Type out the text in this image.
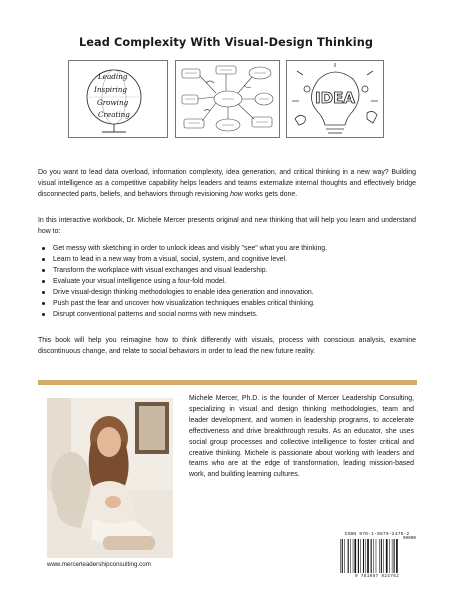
Lead Complexity With Visual-Design Thinking
Leading
Inspiring
Growing
Creating
IDEA

Do you want to lead data overload, information complexity, idea generation, and critical thinking in a new way? Building visual intelligence as a competitive capability helps leaders and teams externalize internal thoughts and effectively bridge disconnected parts, beliefs, and behaviors through revisioning how works gets done.

In this interactive workbook, Dr. Michele Mercer presents original and new thinking that will help you learn and understand how to:

Get messy with sketching in order to unlock ideas and visibly "see" what you are thinking.
Learn to lead in a new way from a visual, social, system, and cognitive level.
Transform the workplace with visual exchanges and visual leadership.
Evaluate your visual intelligence using a four-fold model.
Drive visual-design thinking methodologies to enable idea generation and innovation.
Push past the fear and uncover how visualization techniques enables critical thinking.
Disrupt conventional patterns and social norms with new mindsets.

This book will help you reimagine how to think differently with visuals, process with conscious analysis, examine discontinuous change, and relate to social behaviors in order to lead the new future reality.

Michele Mercer, Ph.D. is the founder of Mercer Leadership Consulting, specializing in visual and design thinking methodologies, team and leader development, and women in leadership programs, to accelerate effectiveness and drive breakthrough results. As an educator, she uses social group processes and collective intelligence to foster critical and creative thinking. Michele is passionate about working with leaders and teams who are at the edge of transformation, leading mission-based work, and building learning cultures.

www.mercerleadershipconsulting.com
ISBN 978-1-0879-2476-2
90000
9 781087 924762
